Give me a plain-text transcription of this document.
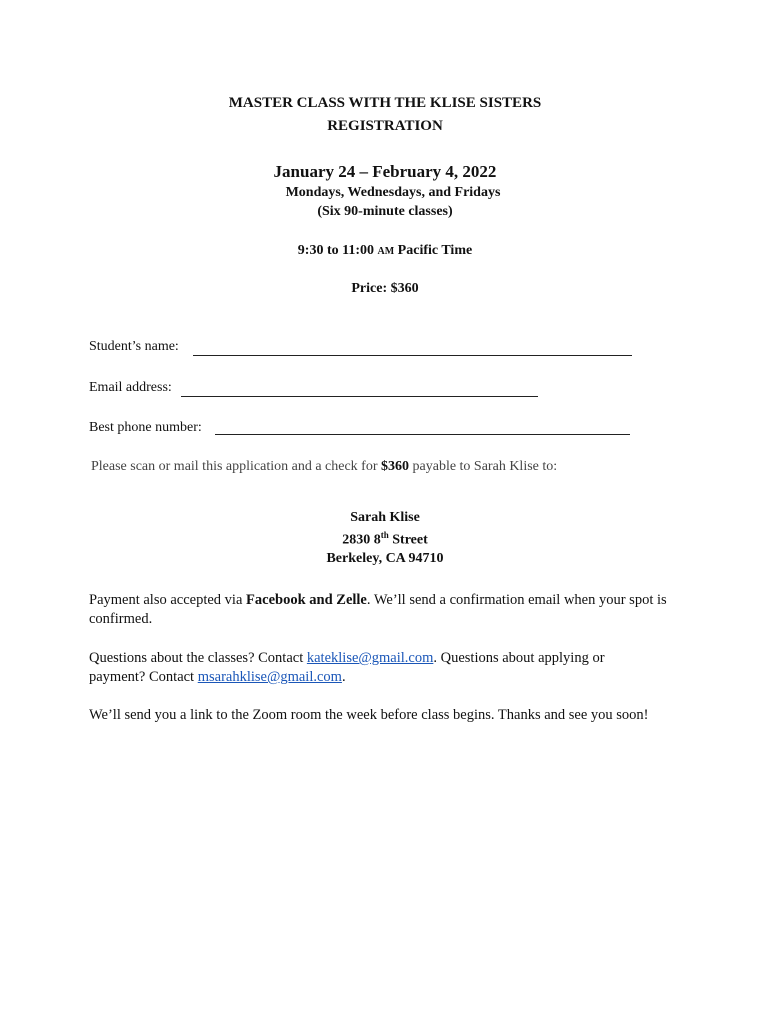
MASTER CLASS WITH THE KLISE SISTERS
REGISTRATION
January 24 – February 4, 2022
Mondays, Wednesdays, and Fridays
(Six 90-minute classes)
9:30 to 11:00 AM Pacific Time
Price: $360
Student’s name:
Email address:
Best phone number:
Please scan or mail this application and a check for $360 payable to Sarah Klise to:
Sarah Klise
2830 8th Street
Berkeley, CA 94710
Payment also accepted via Facebook and Zelle. We’ll send a confirmation email when your spot is confirmed.
Questions about the classes? Contact kateklise@gmail.com. Questions about applying or payment? Contact msarahklise@gmail.com.
We’ll send you a link to the Zoom room the week before class begins. Thanks and see you soon!
